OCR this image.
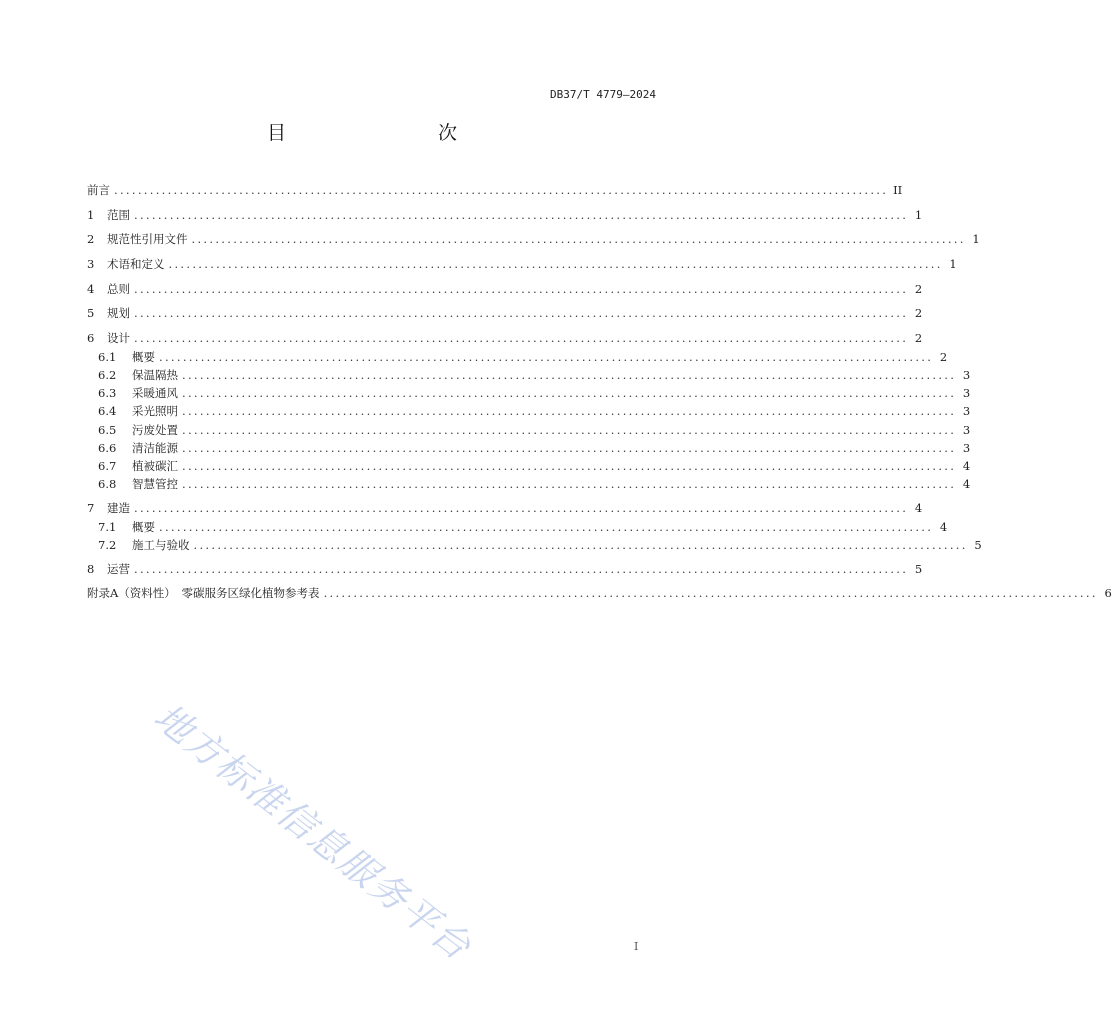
DB37/T 4779—2024
目　　次
前言 .................................................................................................................................. II
1	范围 .................................................................................................................................. 1
2	规范性引用文件 .................................................................................................................................. 1
3	术语和定义 .................................................................................................................................. 1
4	总则 .................................................................................................................................. 2
5	规划 .................................................................................................................................. 2
6	设计 .................................................................................................................................. 2
6.1	概要 .................................................................................................................................. 2
6.2	保温隔热 .................................................................................................................................. 3
6.3	采暖通风 .................................................................................................................................. 3
6.4	采光照明 .................................................................................................................................. 3
6.5	污废处置 .................................................................................................................................. 3
6.6	清洁能源 .................................................................................................................................. 3
6.7	植被碳汇 .................................................................................................................................. 4
6.8	智慧管控 .................................................................................................................................. 4
7	建造 .................................................................................................................................. 4
7.1	概要 .................................................................................................................................. 4
7.2	施工与验收 .................................................................................................................................. 5
8	运营 .................................................................................................................................. 5
附录A（资料性）　零碳服务区绿化植物参考表 .................................................................................................................................. 6
地方标准信息服务平台	I
